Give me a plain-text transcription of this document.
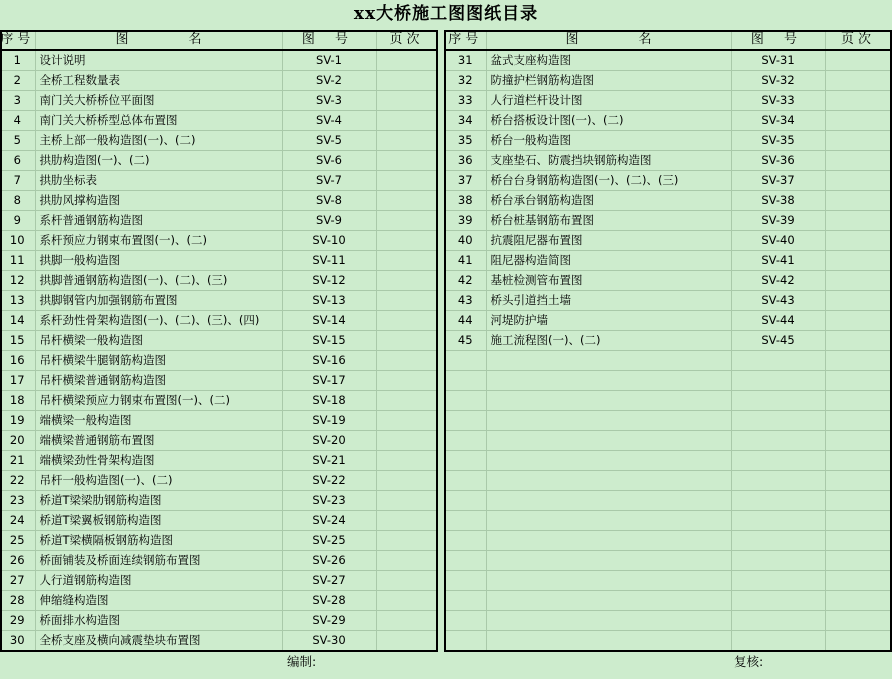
xx大桥施工图图纸目录
序号	图 名	图 号	页次
1	设计说明	SV-1	
2	全桥工程数量表	SV-2	
3	南门关大桥桥位平面图	SV-3	
4	南门关大桥桥型总体布置图	SV-4	
5	主桥上部一般构造图(一)、(二)	SV-5	
6	拱肋构造图(一)、(二)	SV-6	
7	拱肋坐标表	SV-7	
8	拱肋风撑构造图	SV-8	
9	系杆普通钢筋构造图	SV-9	
10	系杆预应力钢束布置图(一)、(二)	SV-10	
11	拱脚一般构造图	SV-11	
12	拱脚普通钢筋构造图(一)、(二)、(三)	SV-12	
13	拱脚钢管内加强钢筋布置图	SV-13	
14	系杆劲性骨架构造图(一)、(二)、(三)、(四)	SV-14	
15	吊杆横梁一般构造图	SV-15	
16	吊杆横梁牛腿钢筋构造图	SV-16	
17	吊杆横梁普通钢筋构造图	SV-17	
18	吊杆横梁预应力钢束布置图(一)、(二)	SV-18	
19	端横梁一般构造图	SV-19	
20	端横梁普通钢筋布置图	SV-20	
21	端横梁劲性骨架构造图	SV-21	
22	吊杆一般构造图(一)、(二)	SV-22	
23	桥道T梁梁肋钢筋构造图	SV-23	
24	桥道T梁翼板钢筋构造图	SV-24	
25	桥道T梁横隔板钢筋构造图	SV-25	
26	桥面铺装及桥面连续钢筋布置图	SV-26	
27	人行道钢筋构造图	SV-27	
28	伸缩缝构造图	SV-28	
29	桥面排水构造图	SV-29	
30	全桥支座及横向减震垫块布置图	SV-30	
序号	图 名	图 号	页次
31	盆式支座构造图	SV-31	
32	防撞护栏钢筋构造图	SV-32	
33	人行道栏杆设计图	SV-33	
34	桥台搭板设计图(一)、(二)	SV-34	
35	桥台一般构造图	SV-35	
36	支座垫石、防震挡块钢筋构造图	SV-36	
37	桥台台身钢筋构造图(一)、(二)、(三)	SV-37	
38	桥台承台钢筋构造图	SV-38	
39	桥台桩基钢筋布置图	SV-39	
40	抗震阻尼器布置图	SV-40	
41	阻尼器构造简图	SV-41	
42	基桩检测管布置图	SV-42	
43	桥头引道挡土墙	SV-43	
44	河堤防护墙	SV-44	
45	施工流程图(一)、(二)	SV-45	

编制:	复核:
